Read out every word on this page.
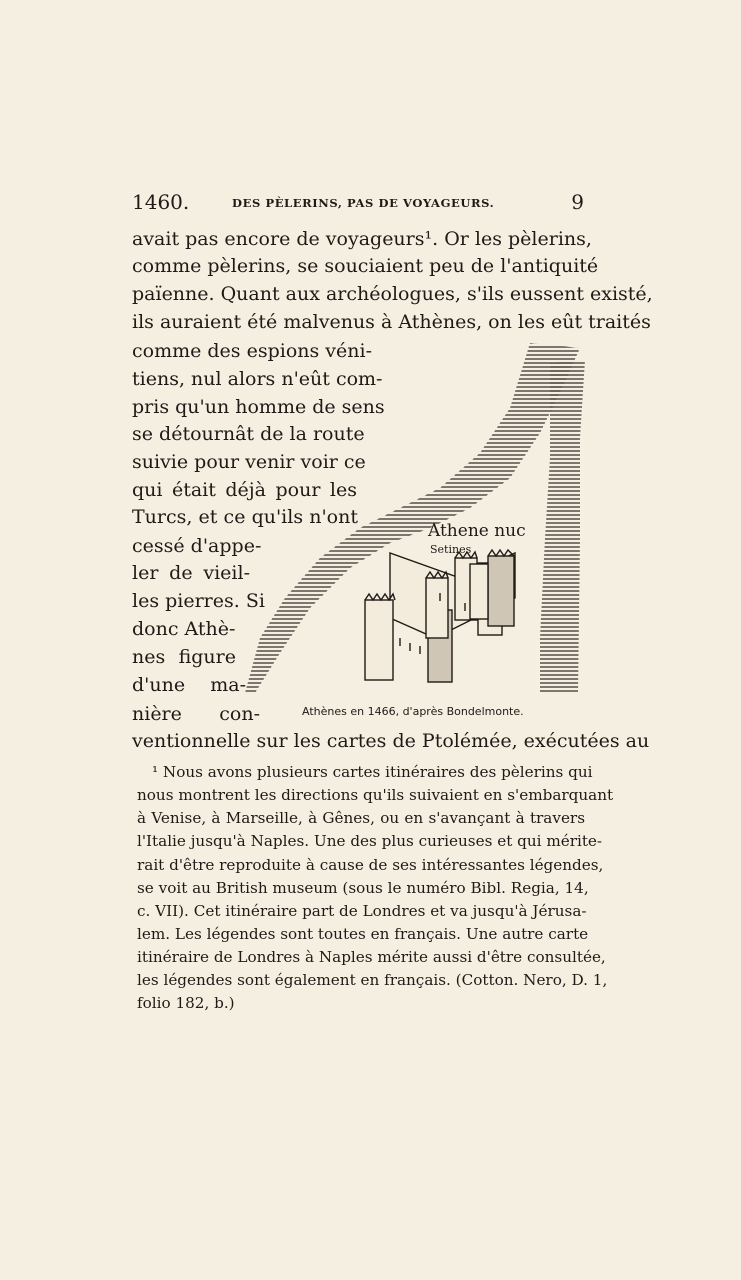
1460.	DES PÈLERINS, PAS DE VOYAGEURS.	9
avait pas encore de voyageurs¹. Or les pèlerins,
comme pèlerins, se souciaient peu de l'antiquité
païenne. Quant aux archéologues, s'ils eussent existé,
ils auraient été malvenus à Athènes, on les eût traités
comme des espions véni-
tiens, nul alors n'eût com-
pris qu'un homme de sens
se détournât de la route
suivie pour venir voir ce
qui était déjà pour les
Turcs, et ce qu'ils n'ont
cessé d'appe-
ler de vieil-
les pierres. Si
donc Athè-
nes figure
d'une ma-
nière con-
ventionnelle sur les cartes de Ptolémée, exécutées au
Athene nuc
Setines
Athènes en 1466, d'après Bondelmonte.
¹ Nous avons plusieurs cartes itinéraires des pèlerins qui
nous montrent les directions qu'ils suivaient en s'embarquant
à Venise, à Marseille, à Gênes, ou en s'avançant à travers
l'Italie jusqu'à Naples. Une des plus curieuses et qui mérite-
rait d'être reproduite à cause de ses intéressantes légendes,
se voit au British museum (sous le numéro Bibl. Regia, 14,
c. VII). Cet itinéraire part de Londres et va jusqu'à Jérusa-
lem. Les légendes sont toutes en français. Une autre carte
itinéraire de Londres à Naples mérite aussi d'être consultée,
les légendes sont également en français. (Cotton. Nero, D. 1,
folio 182, b.)
